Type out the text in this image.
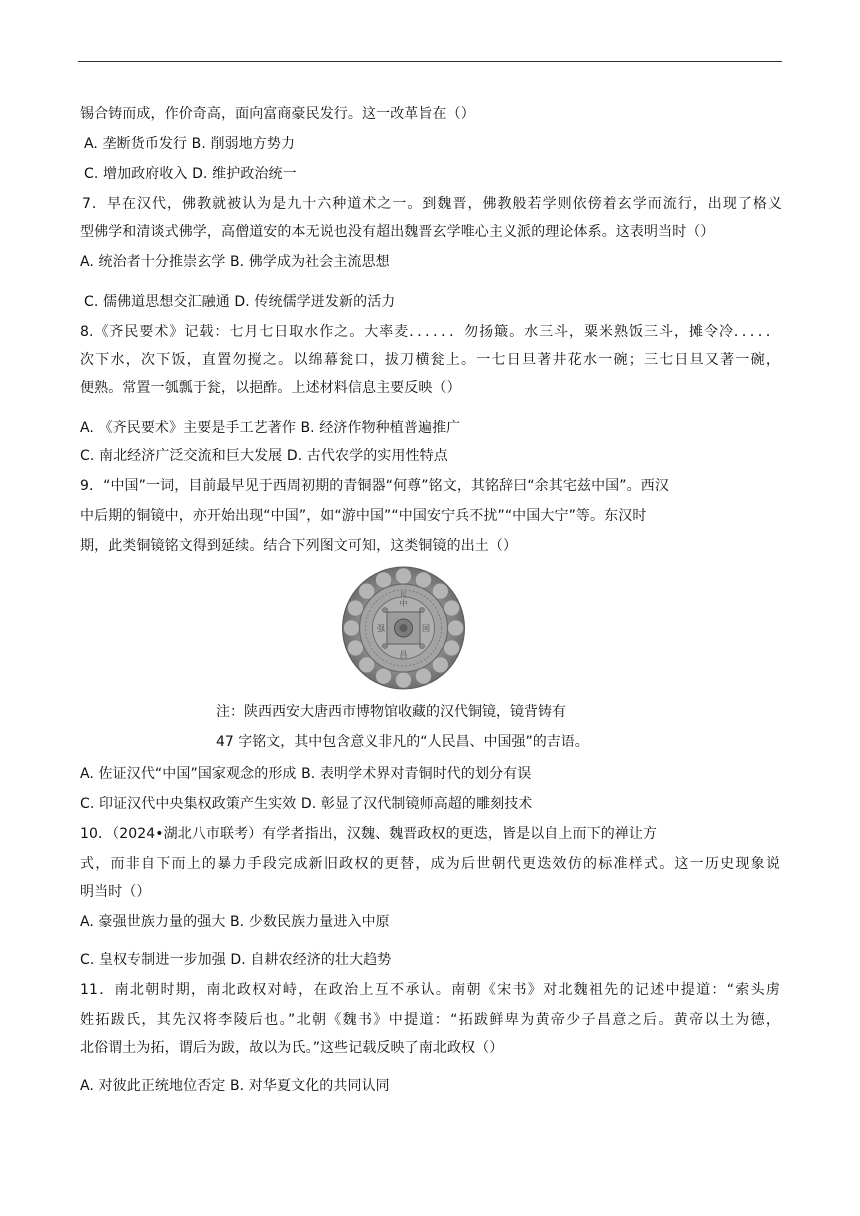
锡合铸而成，作价奇高，面向富商豪民发行。这一改革旨在（）
A. 垄断货币发行 B. 削弱地方势力
C. 增加政府收入 D. 维护政治统一
7．早在汉代，佛教就被认为是九十六种道术之一。到魏晋，佛教般若学则依傍着玄学而流行，出现了格义
型佛学和清谈式佛学，高僧道安的本无说也没有超出魏晋玄学唯心主义派的理论体系。这表明当时（）
A. 统治者十分推崇玄学 B. 佛学成为社会主流思想
C. 儒佛道思想交汇融通 D. 传统儒学迸发新的活力
8.《齐民要术》记载：七月七日取水作之。大率麦．．．．．．勿扬簸。水三斗，粟米熟饭三斗，摊令冷．．．．．
次下水，次下饭，直置勿搅之。以绵幕瓮口，拔刀横瓮上。一七日旦著井花水一碗；三七日旦又著一碗，
便熟。常置一瓠瓢于瓮，以挹酢。上述材料信息主要反映（）
A. 《齐民要术》主要是手工艺著作 B. 经济作物种植普遍推广
C. 南北经济广泛交流和巨大发展 D. 古代农学的实用性特点
9．“中国”一词，目前最早见于西周初期的青铜器“何尊”铭文，其铭辞曰“余其宅兹中国”。西汉
中后期的铜镜中，亦开始出现“中国”，如“游中国”“中国安宁兵不扰”“中国大宁”等。东汉时
期，此类铜镜铭文得到延续。结合下列图文可知，这类铜镜的出土（）
中
国
昌
强
民
注：陕西西安大唐西市博物馆收藏的汉代铜镜，镜背铸有
47 字铭文，其中包含意义非凡的“人民昌、中国强”的吉语。
A. 佐证汉代“中国”国家观念的形成 B. 表明学术界对青铜时代的划分有误
C. 印证汉代中央集权政策产生实效 D. 彰显了汉代制镜师高超的雕刻技术
10．（2024•湖北八市联考）有学者指出，汉魏、魏晋政权的更迭，皆是以自上而下的禅让方
式，而非自下而上的暴力手段完成新旧政权的更替，成为后世朝代更迭效仿的标准样式。这一历史现象说
明当时（）
A. 豪强世族力量的强大 B. 少数民族力量进入中原
C. 皇权专制进一步加强 D. 自耕农经济的壮大趋势
11．南北朝时期，南北政权对峙，在政治上互不承认。南朝《宋书》对北魏祖先的记述中提道：“索头虏
姓拓跋氏，其先汉将李陵后也。”北朝《魏书》中提道：“拓跋鲜卑为黄帝少子昌意之后。黄帝以土为德，
北俗谓土为拓，谓后为跋，故以为氏。”这些记载反映了南北政权（）
A. 对彼此正统地位否定 B. 对华夏文化的共同认同
